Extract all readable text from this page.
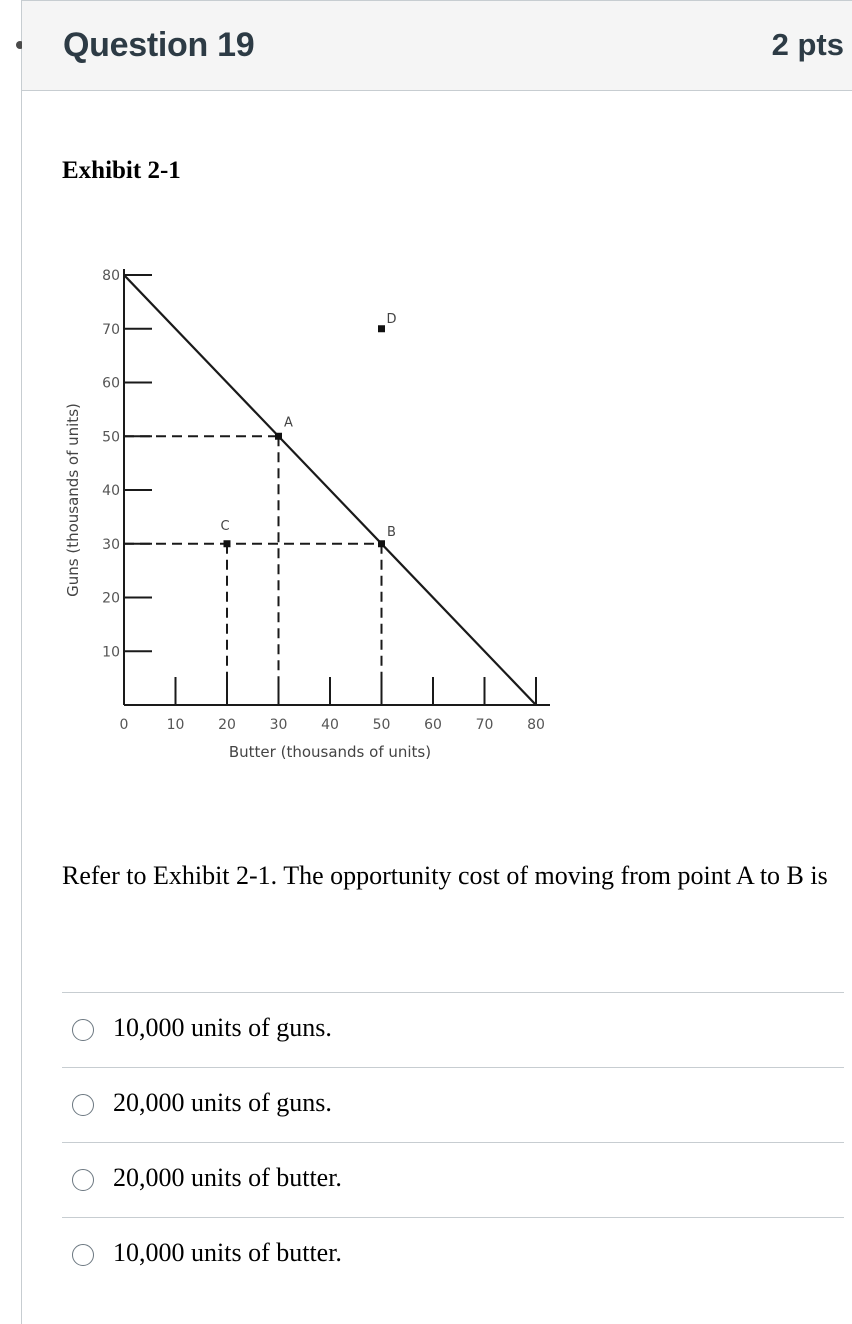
Question 19	2 pts
Exhibit 2-1
10
20
30
40
50
60
70
80
0	10 20 30 40 50 60 70 80
Butter (thousands of units)
Guns (thousands of units)	A
B
C
D
Refer to Exhibit 2-1. The opportunity cost of moving from point A to B is
10,000 units of guns.
20,000 units of guns.
20,000 units of butter.
10,000 units of butter.
